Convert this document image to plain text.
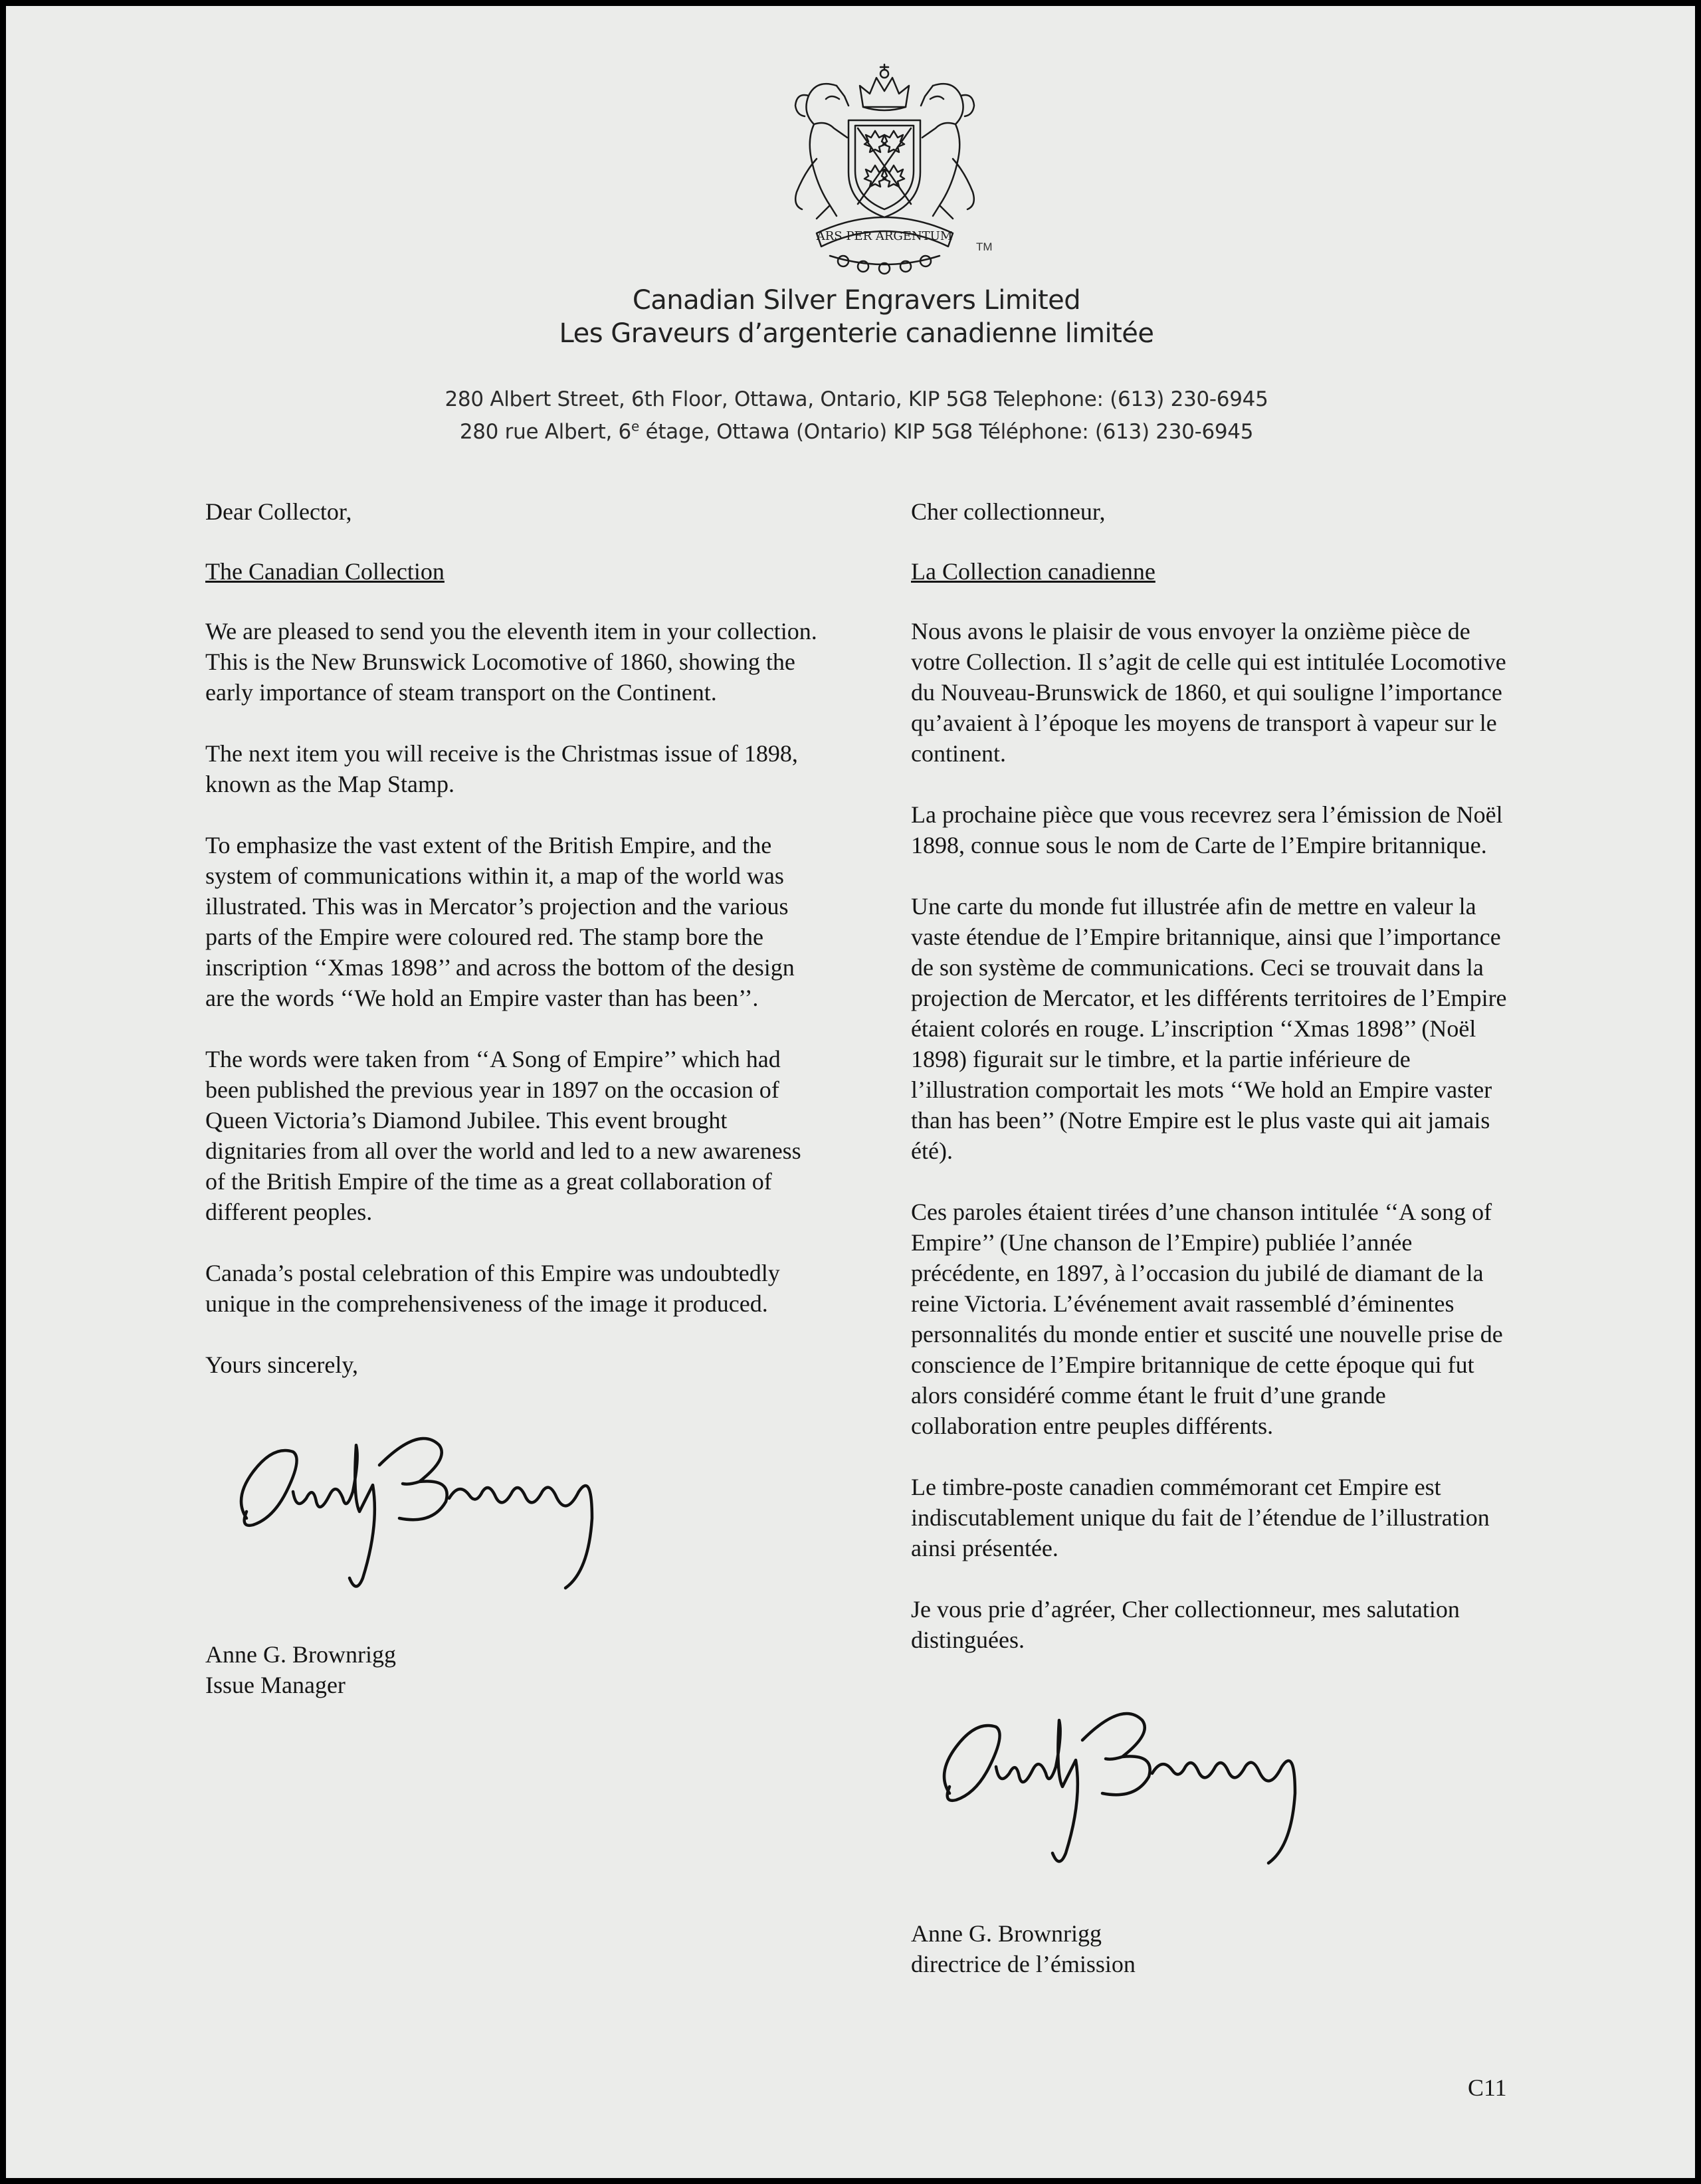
ARS PER ARGENTUM
TM
Canadian Silver Engravers Limited
Les Graveurs d’argenterie canadienne limitée
280 Albert Street, 6th Floor, Ottawa, Ontario, KIP 5G8 Telephone: (613) 230-6945
280 rue Albert, 6e étage, Ottawa (Ontario) KIP 5G8 Téléphone: (613) 230-6945

Dear Collector,

The Canadian Collection

We are pleased to send you the eleventh item in your collection. This is the New Brunswick Locomotive of 1860, showing the early importance of steam transport on the Continent.

The next item you will receive is the Christmas issue of 1898, known as the Map Stamp.

To emphasize the vast extent of the British Empire, and the system of communications within it, a map of the world was illustrated. This was in Mercator’s projection and the various parts of the Empire were coloured red. The stamp bore the inscription ‘‘Xmas 1898’’ and across the bottom of the design are the words ‘‘We hold an Empire vaster than has been’’.

The words were taken from ‘‘A Song of Empire’’ which had been published the previous year in 1897 on the occasion of Queen Victoria’s Diamond Jubilee. This event brought dignitaries from all over the world and led to a new awareness of the British Empire of the time as a great collaboration of different peoples.

Canada’s postal celebration of this Empire was undoubtedly unique in the comprehensiveness of the image it produced.

Yours sincerely,

Anne G. Brownrigg

Issue Manager

Cher collectionneur,

La Collection canadienne

Nous avons le plaisir de vous envoyer la onzième pièce de votre Collection. Il s’agit de celle qui est intitulée Locomotive du Nouveau-Brunswick de 1860, et qui souligne l’importance qu’avaient à l’époque les moyens de transport à vapeur sur le continent.

La prochaine pièce que vous recevrez sera l’émission de Noël 1898, connue sous le nom de Carte de l’Empire britannique.

Une carte du monde fut illustrée afin de mettre en valeur la vaste étendue de l’Empire britannique, ainsi que l’importance de son système de communications. Ceci se trouvait dans la projection de Mercator, et les différents territoires de l’Empire étaient colorés en rouge. L’inscription ‘‘Xmas 1898’’ (Noël 1898) figurait sur le timbre, et la partie inférieure de l’illustration comportait les mots ‘‘We hold an Empire vaster than has been’’ (Notre Empire est le plus vaste qui ait jamais été).

Ces paroles étaient tirées d’une chanson intitulée ‘‘A song of Empire’’ (Une chanson de l’Empire) publiée l’année précédente, en 1897, à l’occasion du jubilé de diamant de la reine Victoria. L’événement avait rassemblé d’éminentes personnalités du monde entier et suscité une nouvelle prise de conscience de l’Empire britannique de cette époque qui fut alors considéré comme étant le fruit d’une grande collaboration entre peuples différents.

Le timbre-poste canadien commémorant cet Empire est indiscutablement unique du fait de l’étendue de l’illustration ainsi présentée.

Je vous prie d’agréer, Cher collectionneur, mes salutation distinguées.

Anne G. Brownrigg

directrice de l’émission

C11
